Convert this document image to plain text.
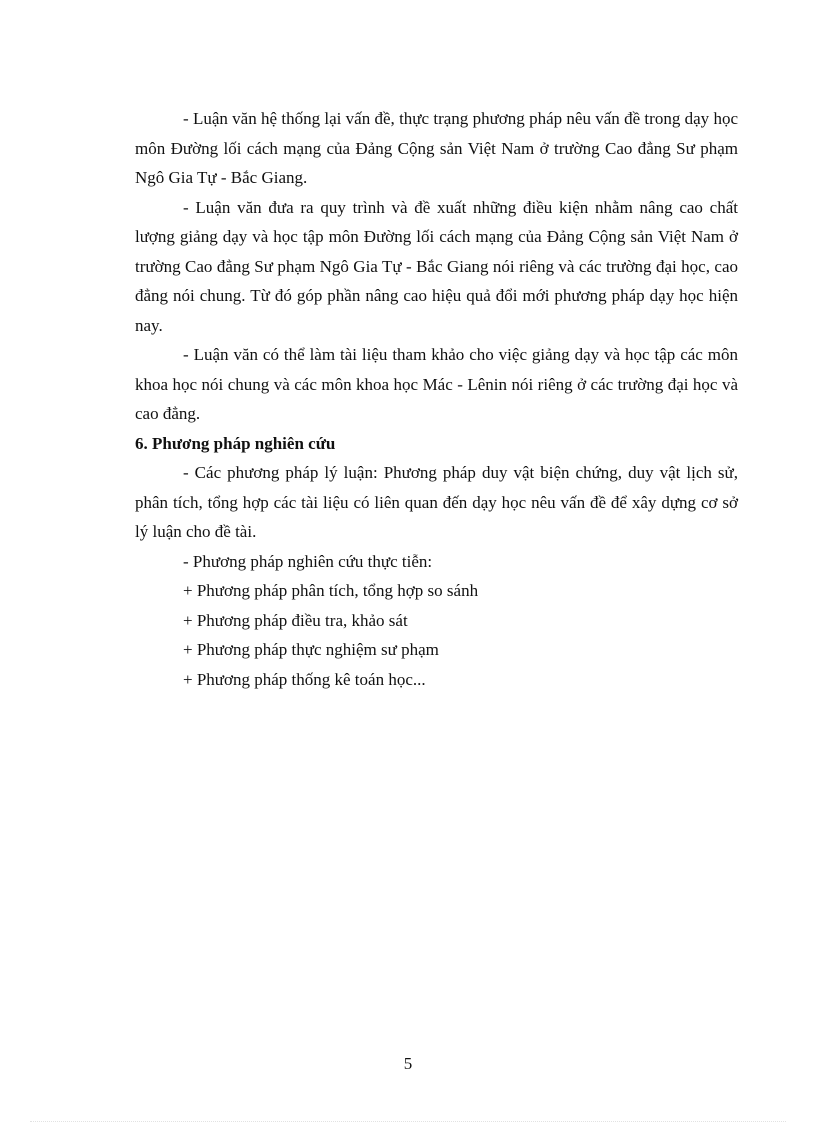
- Luận văn hệ thống lại vấn đề, thực trạng phương pháp nêu vấn đề trong dạy học môn Đường lối cách mạng của Đảng Cộng sản Việt Nam ở trường Cao đẳng Sư phạm Ngô Gia Tự - Bắc Giang.

- Luận văn đưa ra quy trình và đề xuất những điều kiện nhằm nâng cao chất lượng giảng dạy và học tập môn Đường lối cách mạng của Đảng Cộng sản Việt Nam ở trường Cao đẳng Sư phạm Ngô Gia Tự - Bắc Giang nói riêng và các trường đại học, cao đẳng nói chung. Từ đó góp phần nâng cao hiệu quả đổi mới phương pháp dạy học hiện nay.

- Luận văn có thể làm tài liệu tham khảo cho việc giảng dạy và học tập các môn khoa học nói chung và các môn khoa học Mác - Lênin nói riêng ở các trường đại học và cao đẳng.

6. Phương pháp nghiên cứu

- Các phương pháp lý luận: Phương pháp duy vật biện chứng, duy vật lịch sử, phân tích, tổng hợp các tài liệu có liên quan đến dạy học nêu vấn đề để xây dựng cơ sở lý luận cho đề tài.

- Phương pháp nghiên cứu thực tiễn:

+ Phương pháp phân tích, tổng hợp so sánh

+ Phương pháp điều tra, khảo sát

+ Phương pháp thực nghiệm sư phạm

+ Phương pháp thống kê toán học...

5
